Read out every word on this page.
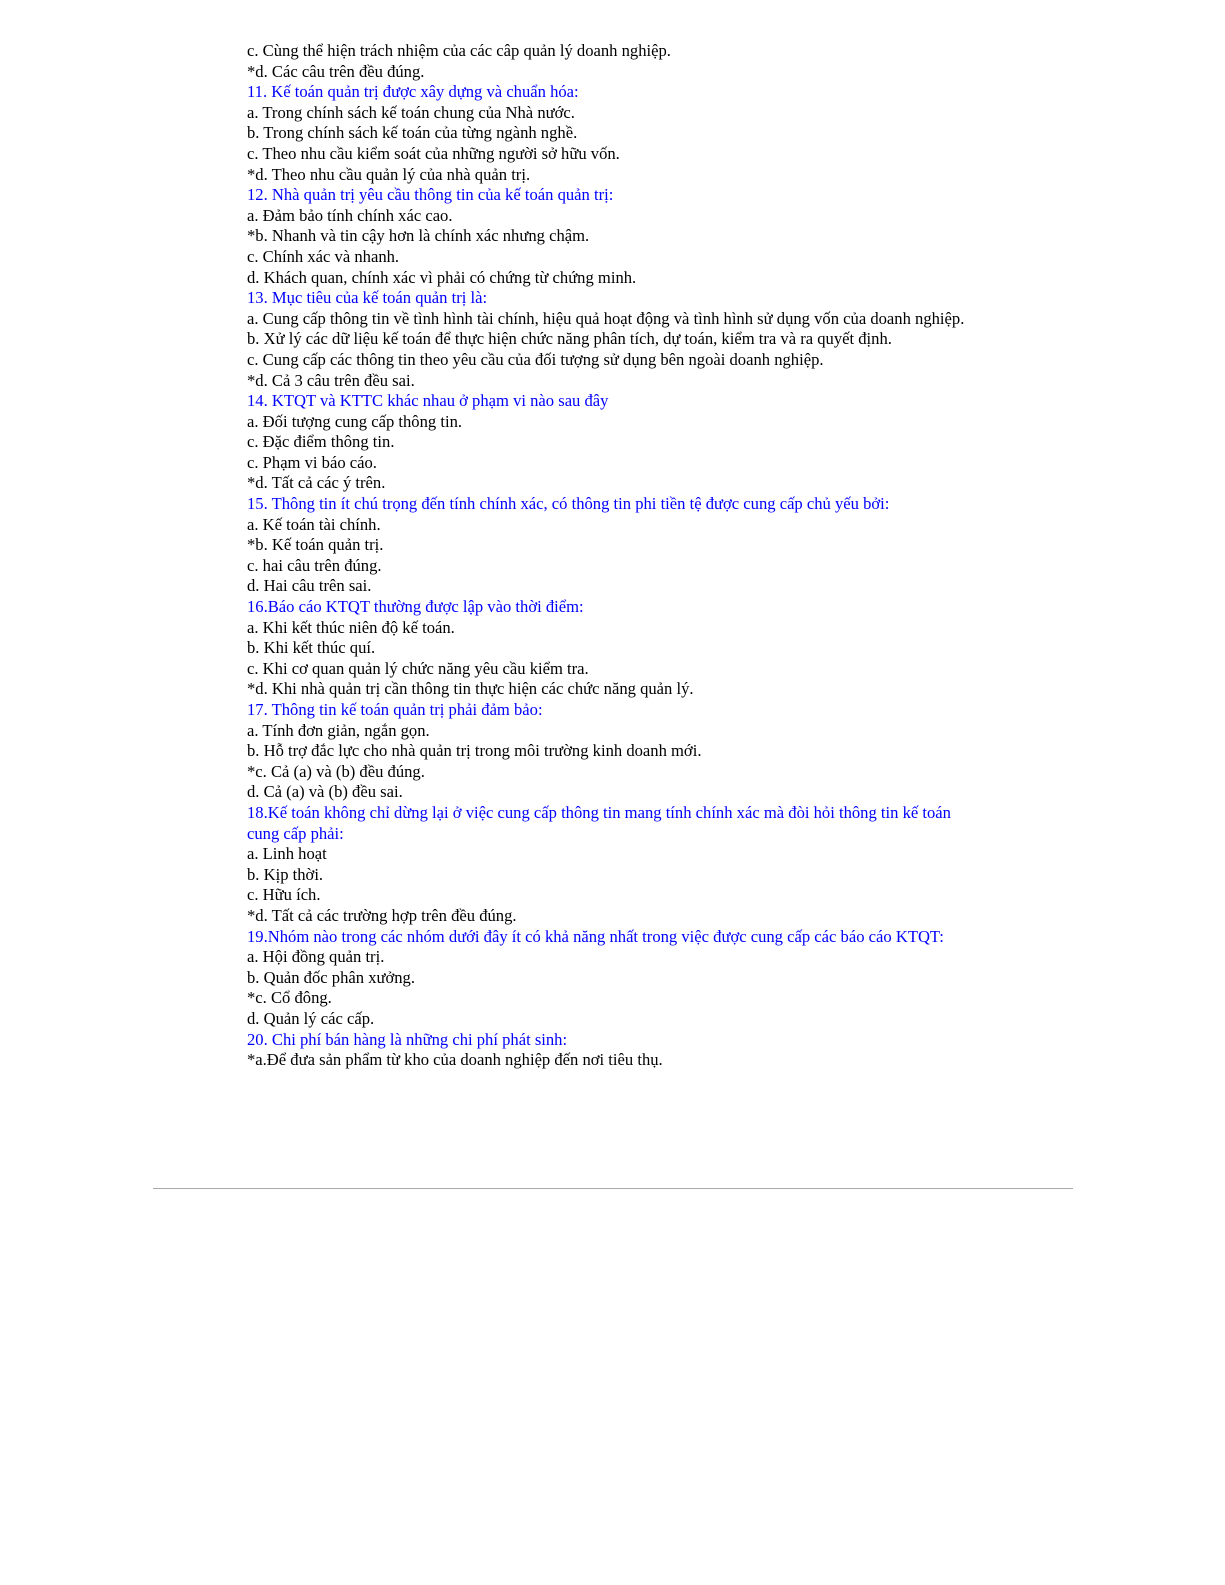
c. Cùng thể hiện trách nhiệm của các câp quản lý doanh nghiệp.
*d. Các câu trên đều đúng.
11. Kế toán quản trị được xây dựng và chuẩn hóa:
a. Trong chính sách kế toán chung của Nhà nước.
b. Trong chính sách kế toán của từng ngành nghề.
c. Theo nhu cầu kiểm soát của những người sở hữu vốn.
*d. Theo nhu cầu quản lý của nhà quản trị.
12. Nhà quản trị yêu cầu thông tin của kế toán quản trị:
a. Đảm bảo tính chính xác cao.
*b. Nhanh và tin cậy hơn là chính xác nhưng chậm.
c. Chính xác và nhanh.
d. Khách quan, chính xác vì phải có chứng từ chứng minh.
13. Mục tiêu của kế toán quản trị là:
a. Cung cấp thông tin về tình hình tài chính, hiệu quả hoạt động và tình hình sử dụng vốn của doanh nghiệp.
b. Xử lý các dữ liệu kế toán để thực hiện chức năng phân tích, dự toán, kiểm tra và ra quyết định.
c. Cung cấp các thông tin theo yêu cầu của đối tượng sử dụng bên ngoài doanh nghiệp.
*d. Cả 3 câu trên đều sai.
14. KTQT và KTTC khác nhau ở phạm vi nào sau đây
a. Đối tượng cung cấp thông tin.
c. Đặc điểm thông tin.
c. Phạm vi báo cáo.
*d. Tất cả các ý trên.
15. Thông tin ít chú trọng đến tính chính xác, có thông tin phi tiền tệ được cung cấp chủ yếu bởi:
a. Kế toán tài chính.
*b. Kế toán quản trị.
c. hai câu trên đúng.
d. Hai câu trên sai.
16.Báo cáo KTQT thường được lập vào thời điểm:
a. Khi kết thúc niên độ kế toán.
b. Khi kết thúc quí.
c. Khi cơ quan quản lý chức năng yêu cầu kiểm tra.
*d. Khi nhà quản trị cần thông tin thực hiện các chức năng quản lý.
17. Thông tin kế toán quản trị phải đảm bảo:
a. Tính đơn giản, ngắn gọn.
b. Hỗ trợ đắc lực cho nhà quản trị trong môi trường kinh doanh mới.
*c. Cả (a) và (b) đều đúng.
d. Cả (a) và (b) đều sai.
18.Kế toán không chỉ dừng lại ở việc cung cấp thông tin mang tính chính xác mà đòi hỏi thông tin kế toán cung cấp phải:
a. Linh hoạt
b. Kịp thời.
c. Hữu ích.
*d. Tất cả các trường hợp trên đều đúng.
19.Nhóm nào trong các nhóm dưới đây ít có khả năng nhất trong việc được cung cấp các báo cáo KTQT:
a. Hội đồng quản trị.
b. Quản đốc phân xưởng.
*c. Cổ đông.
d. Quản lý các cấp.
20. Chi phí bán hàng là những chi phí phát sinh:
*a.Để đưa sản phẩm từ kho của doanh nghiệp đến nơi tiêu thụ.
